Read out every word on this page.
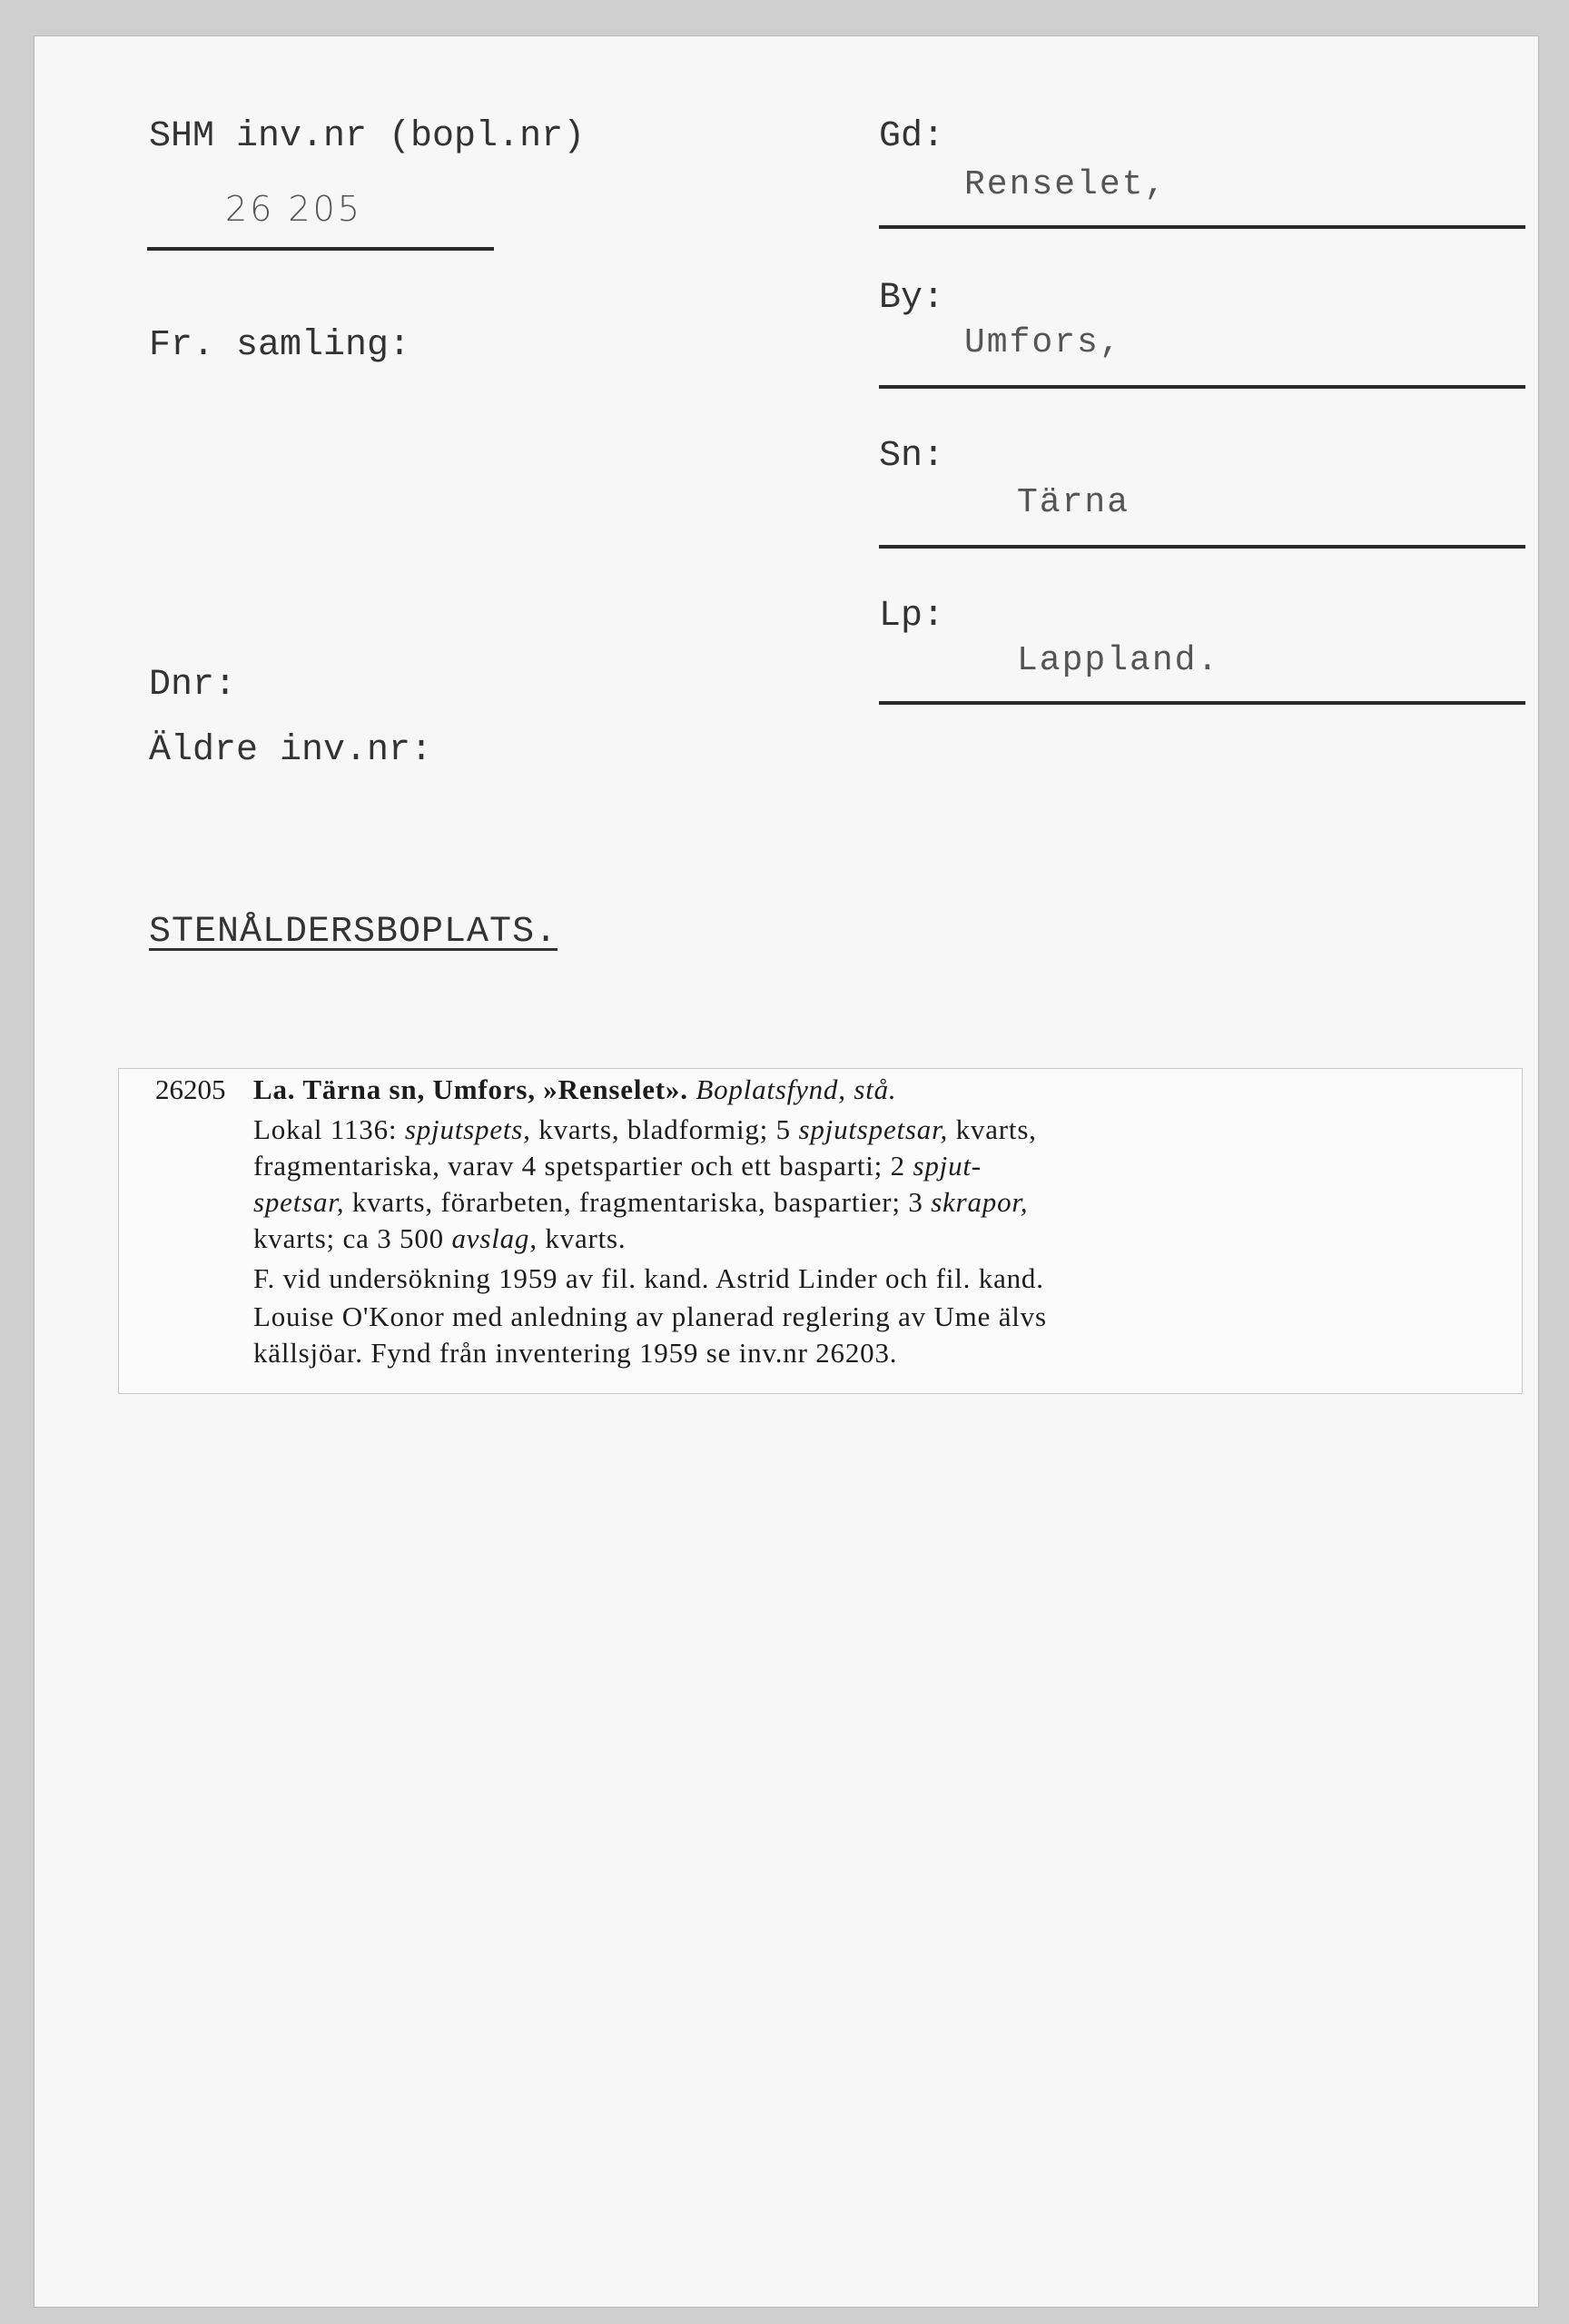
SHM inv.nr (bopl.nr)
26 205
Fr. samling:
Dnr:
Äldre inv.nr:
STENÅLDERSBOPLATS.
Gd:
Renselet,
By:
Umfors,
Sn:
Tärna
Lp:
Lappland.
26205 La. Tärna sn, Umfors, »Renselet». Boplatsfynd, stå.
Lokal 1136: spjutspets, kvarts, bladformig; 5 spjutspetsar, kvarts,
fragmentariska, varav 4 spetspartier och ett basparti; 2 spjut-
spetsar, kvarts, förarbeten, fragmentariska, baspartier; 3 skrapor,
kvarts; ca 3 500 avslag, kvarts.
F. vid undersökning 1959 av fil. kand. Astrid Linder och fil. kand.
Louise O'Konor med anledning av planerad reglering av Ume älvs
källsjöar. Fynd från inventering 1959 se inv.nr 26203.
